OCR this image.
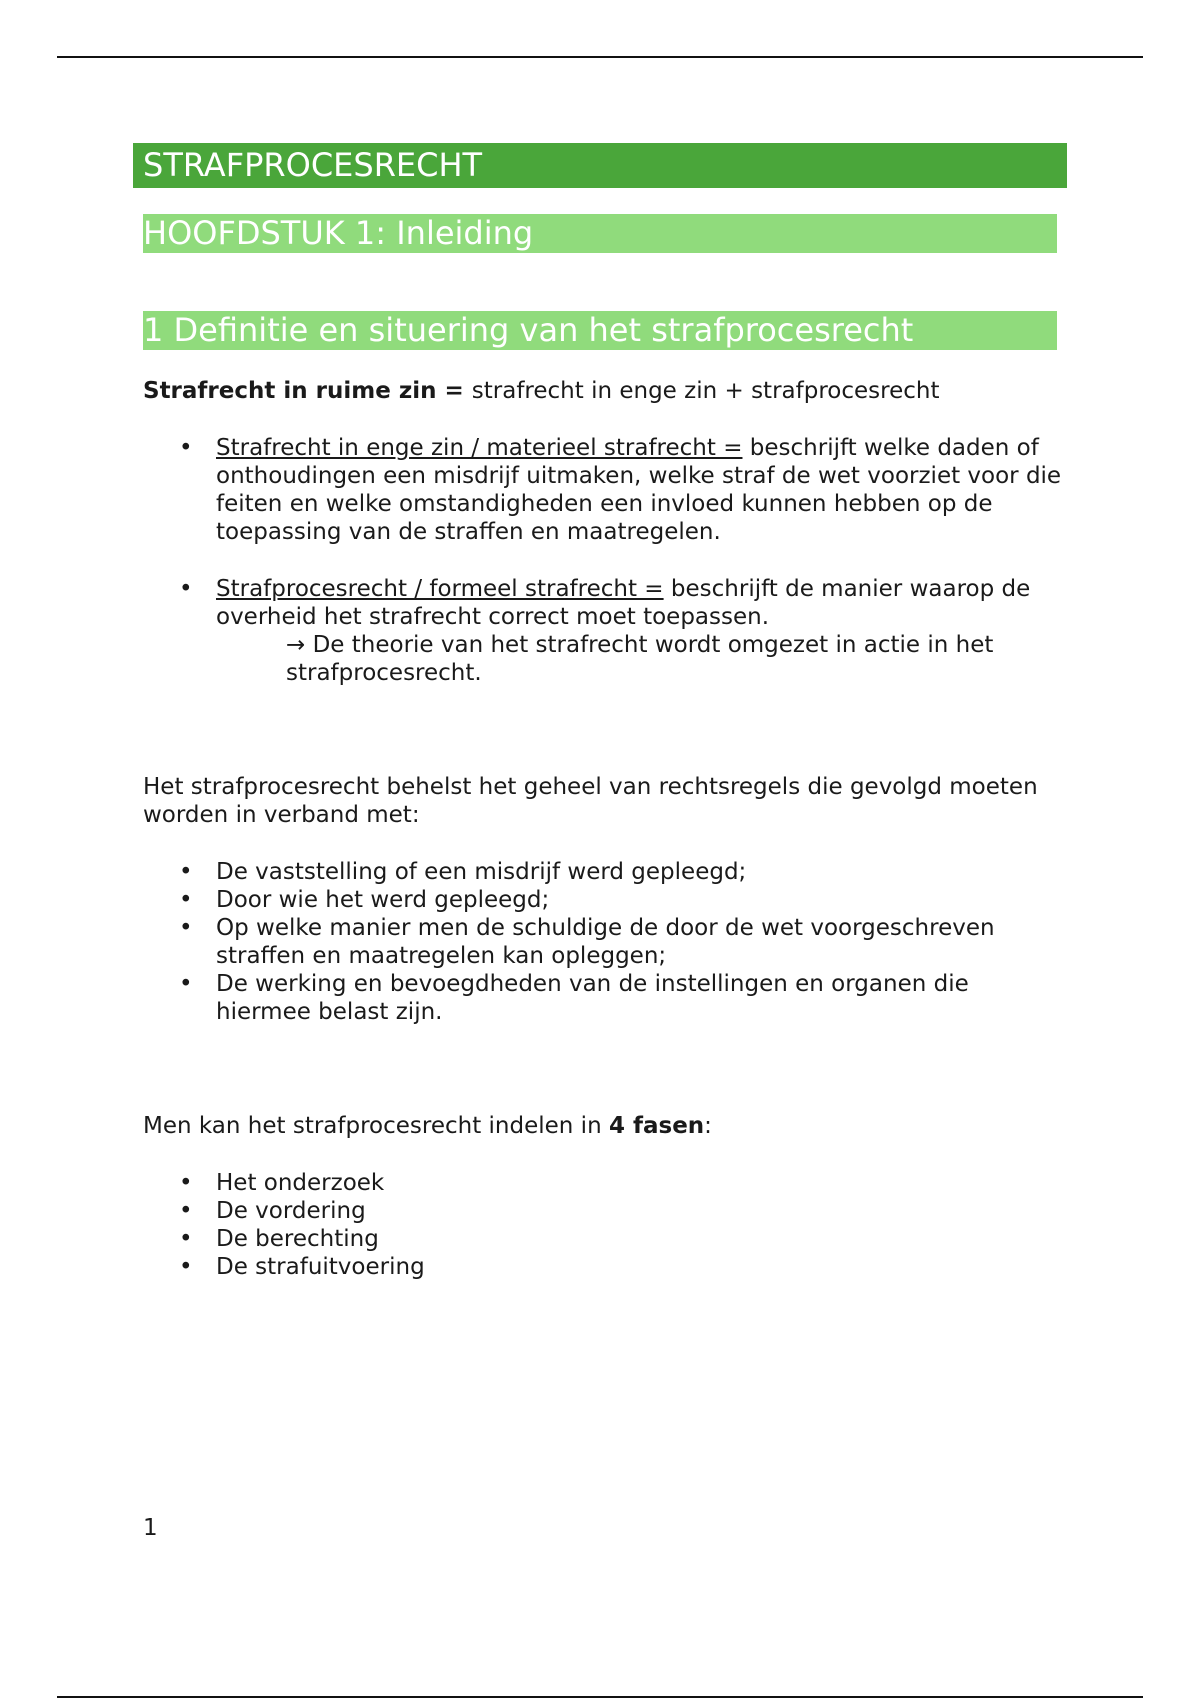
STRAFPROCESRECHT
HOOFDSTUK 1: Inleiding
1 Definitie en situering van het strafprocesrecht
Strafrecht in ruime zin = strafrecht in enge zin + strafprocesrecht
• Strafrecht in enge zin / materieel strafrecht = beschrijft welke daden of onthoudingen een misdrijf uitmaken, welke straf de wet voorziet voor die feiten en welke omstandigheden een invloed kunnen hebben op de toepassing van de straffen en maatregelen.
• Strafprocesrecht / formeel strafrecht = beschrijft de manier waarop de overheid het strafrecht correct moet toepassen.
→ De theorie van het strafrecht wordt omgezet in actie in het strafprocesrecht.
Het strafprocesrecht behelst het geheel van rechtsregels die gevolgd moeten worden in verband met:
• De vaststelling of een misdrijf werd gepleegd;
• Door wie het werd gepleegd;
• Op welke manier men de schuldige de door de wet voorgeschreven straffen en maatregelen kan opleggen;
• De werking en bevoegdheden van de instellingen en organen die hiermee belast zijn.
Men kan het strafprocesrecht indelen in 4 fasen:
• Het onderzoek
• De vordering
• De berechting
• De strafuitvoering
1
